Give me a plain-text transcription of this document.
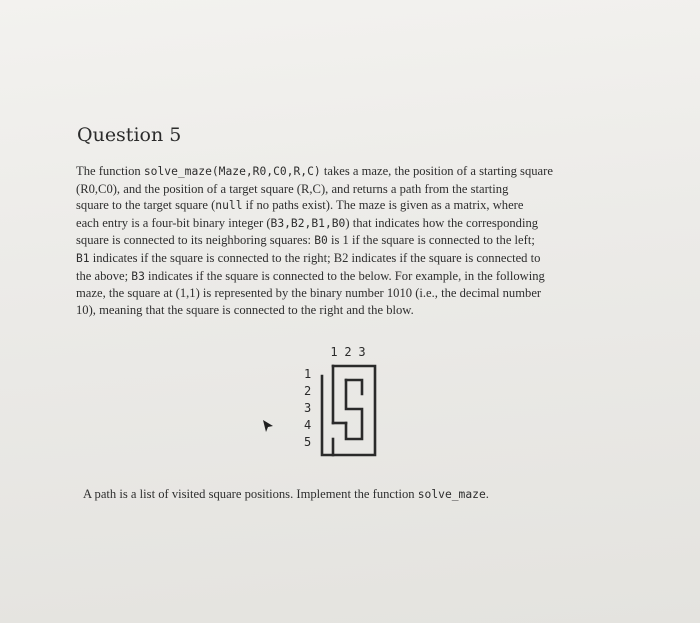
Question 5
The function solve_maze(Maze,R0,C0,R,C) takes a maze, the position of a starting square
(R0,C0), and the position of a target square (R,C), and returns a path from the starting
square to the target square (null if no paths exist). The maze is given as a matrix, where
each entry is a four-bit binary integer (B3,B2,B1,B0) that indicates how the corresponding
square is connected to its neighboring squares: B0 is 1 if the square is connected to the left;
B1 indicates if the square is connected to the right; B2 indicates if the square is connected to
the above; B3 indicates if the square is connected to the below. For example, in the following
maze, the square at (1,1) is represented by the binary number 1010 (i.e., the decimal number
10), meaning that the square is connected to the right and the blow.
1 2 3
1
2
3
4
5
A path is a list of visited square positions. Implement the function solve_maze.
